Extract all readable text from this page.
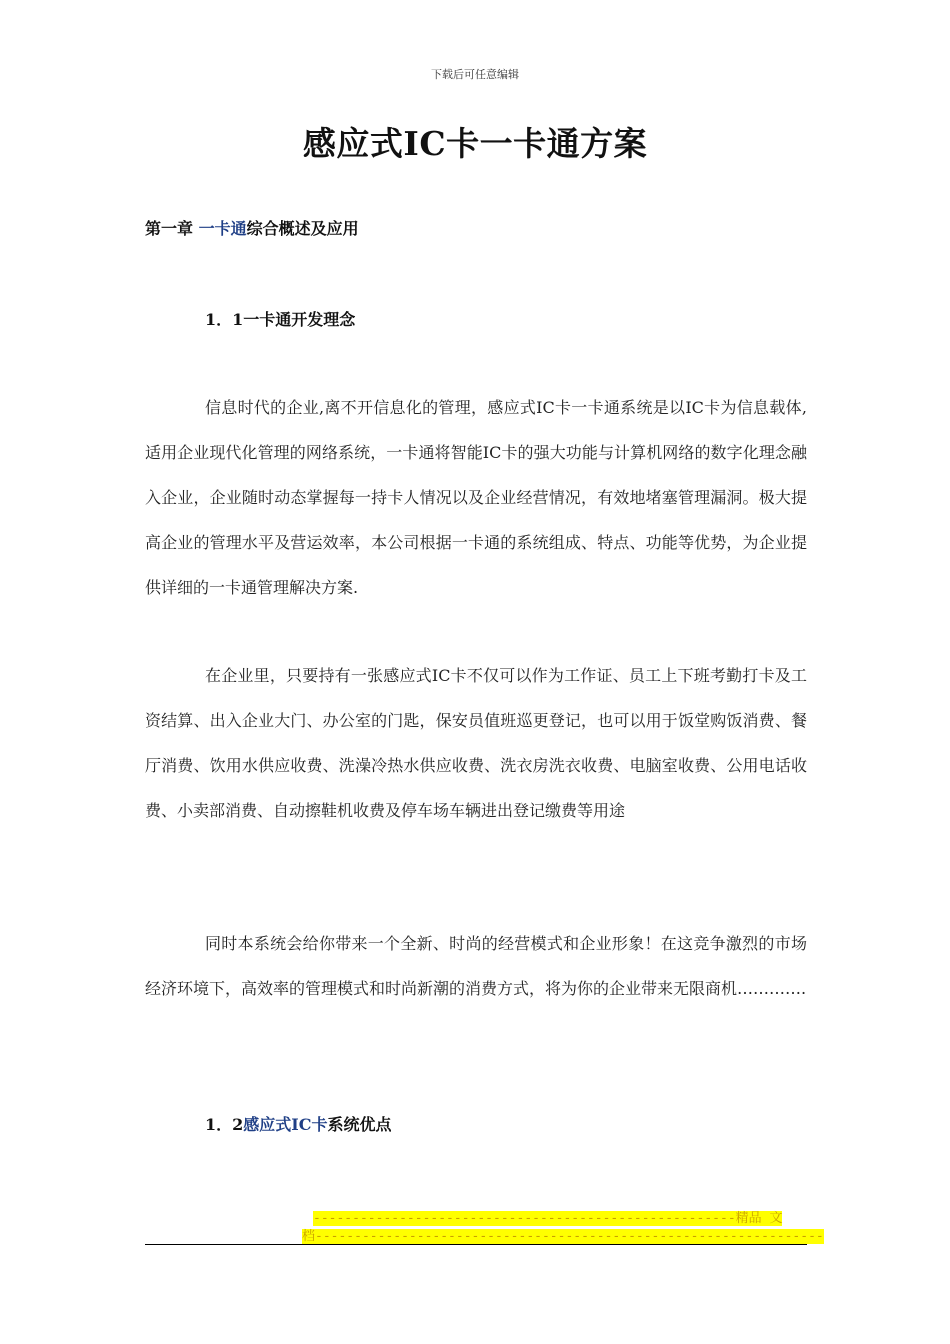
下载后可任意编辑
感应式IC卡一卡通方案
第一章 一卡通综合概述及应用
1．1一卡通开发理念

信息时代的企业,离不开信息化的管理，感应式IC卡一卡通系统是以IC卡为信息载体,适用企业现代化管理的网络系统，一卡通将智能IC卡的强大功能与计算机网络的数字化理念融入企业，企业随时动态掌握每一持卡人情况以及企业经营情况，有效地堵塞管理漏洞。极大提高企业的管理水平及营运效率，本公司根据一卡通的系统组成、特点、功能等优势，为企业提供详细的一卡通管理解决方案.

在企业里，只要持有一张感应式IC卡不仅可以作为工作证、员工上下班考勤打卡及工资结算、出入企业大门、办公室的门匙，保安员值班巡更登记，也可以用于饭堂购饭消费、餐厅消费、饮用水供应收费、洗澡冷热水供应收费、洗衣房洗衣收费、电脑室收费、公用电话收费、小卖部消费、自动擦鞋机收费及停车场车辆进出登记缴费等用途

同时本系统会给你带来一个全新、时尚的经营模式和企业形象！在这竞争激烈的市场经济环境下，高效率的管理模式和时尚新潮的消费方式，将为你的企业带来无限商机………….

1．2感应式IC卡系统优点
------------------------------------------------------精品 文
档-----------------------------------------------------------------
